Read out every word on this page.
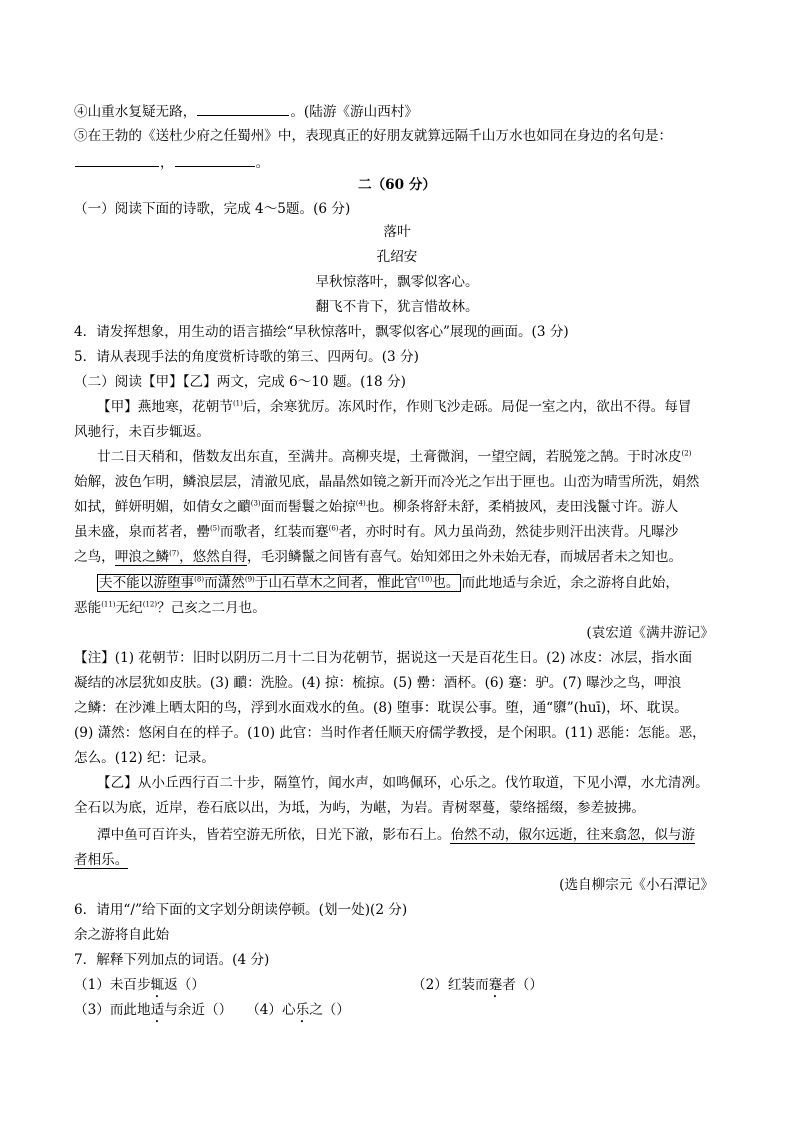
④山重水复疑无路，	。(陆游《游山西村》
⑤在王勃的《送杜少府之任蜀州》中，表现真正的好朋友就算远隔千山万水也如同在身边的名句是：
，	。
二（60 分）
（一）阅读下面的诗歌，完成 4～5题。(6 分)
落叶
孔绍安
早秋惊落叶，飘零似客心。
翻飞不肯下，犹言惜故林。
4．请发挥想象，用生动的语言描绘“早秋惊落叶，飘零似客心”展现的画面。(3 分)
5．请从表现手法的角度赏析诗歌的第三、四两句。(3 分)
（二）阅读【甲】【乙】两文，完成 6～10 题。(18 分)
【甲】燕地寒，花朝节$^{(1)}$后，余寒犹厉。冻风时作，作则飞沙走砾。局促一室之内，欲出不得。每冒
风驰行，未百步辄返。
廿二日天稍和，偕数友出东直，至满井。高柳夹堤，土膏微润，一望空阔，若脱笼之鹄。于时冰皮$^{(2)}$
始解，波色乍明，鳞浪层层，清澈见底，晶晶然如镜之新开而冷光之乍出于匣也。山峦为晴雪所洗，娟然
如拭，鲜妍明媚，如倩女之靧$^{(3)}$面而髻鬟之始掠$^{(4)}$也。柳条将舒未舒，柔梢披风，麦田浅鬣寸许。游人
虽未盛，泉而茗者，罍$^{(5)}$而歌者，红装而蹇$^{(6)}$者，亦时时有。风力虽尚劲，然徒步则汗出浃背。凡曝沙
之鸟，呷浪之鳞$^{(7)}$，悠然自得，毛羽鳞鬣之间皆有喜气。始知郊田之外未始无春，而城居者未之知也。
夫不能以游堕事$^{(8)}$而潇然$^{(9)}$于山石草木之间者，惟此官$^{(10)}$也。 而此地适与余近，余之游将自此始，
恶能$^{(11)}$无纪$^{(12)}$？己亥之二月也。
(袁宏道《满井游记》
【注】(1) 花朝节：旧时以阴历二月十二日为花朝节，据说这一天是百花生日。(2) 冰皮：冰层，指水面
凝结的冰层犹如皮肤。(3) 靧：洗脸。(4) 掠：梳掠。(5) 罍：酒杯。(6) 蹇：驴。(7) 曝沙之鸟，呷浪
之鳞：在沙滩上晒太阳的鸟，浮到水面戏水的鱼。(8) 堕事：耽误公事。堕，通“隳”(huī)，坏、耽误。
(9) 潇然：悠闲自在的样子。(10) 此官：当时作者任顺天府儒学教授，是个闲职。(11) 恶能：怎能。恶，
怎么。(12) 纪：记录。
【乙】从小丘西行百二十步，隔篁竹，闻水声，如鸣佩环，心乐之。伐竹取道，下见小潭，水尤清冽。
全石以为底，近岸，卷石底以出，为坻，为屿，为嵁，为岩。青树翠蔓，蒙络摇缀，参差披拂。
潭中鱼可百许头，皆若空游无所依，日光下澈，影布石上。佁然不动，俶尔远逝，往来翕忽，似与游
者相乐。
(选自柳宗元《小石潭记》
6．请用“/”给下面的文字划分朗读停顿。(划一处)(2 分)
余之游将自此始
7．解释下列加点的词语。(4 分)
（1）未百步辄返（）	（2）红装而蹇者（）
（3）而此地适与余近（） （4）心乐之（）
